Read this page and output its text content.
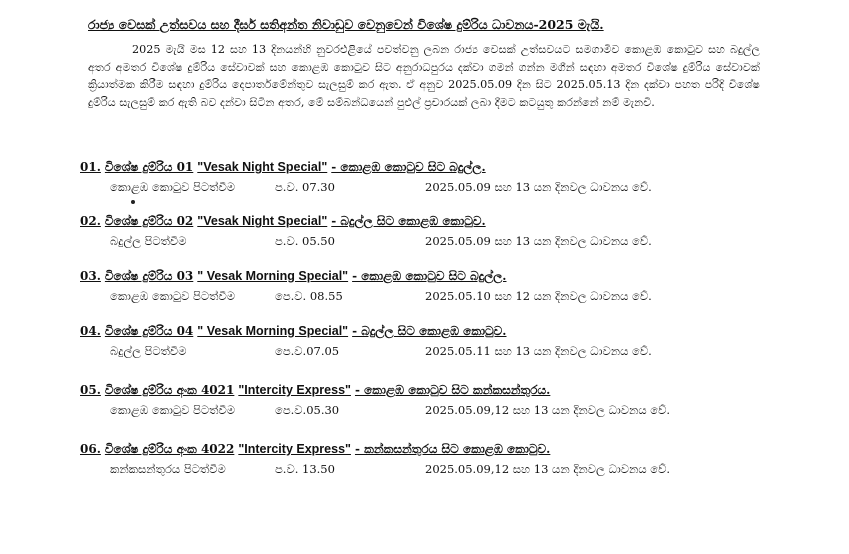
රාජ්‍ය වෙසක් උත්සවය සහ දීර්ඝ සතිඅන්ත නිවාඩුව වෙනුවෙන් විශේෂ දුම්රිය ධාවනය-2025 මැයි.
2025 මැයි මස 12 සහ 13 දිනයන්හි නුවරඑළියේ පවත්වනු ලබන රාජ්‍ය වෙසක් උත්සවයට සමගාමීව කොළඹ කොටුව සහ බදුල්ල අතර අමතර විශේෂ දුම්රිය සේවාවක් සහ කොළඹ කොටුව සිට අනුරාධපුරය දක්වා ගමන් ගන්න මගීන් සඳහා අමතර විශේෂ දුම්රිය සේවාවක් ක්‍රියාත්මක කිරීම සඳහා දුම්රිය දෙපාර්තමේන්තුව සැලසුම් කර ඇත. ඒ අනුව 2025.05.09 දින සිට 2025.05.13 දින දක්වා පහත පරිදි විශේෂ දුම්රිය සැලසුම් කර ඇති බව දන්වා සිටින අතර, මේ සම්බන්ධයෙන් පුළුල් ප්‍රචාරයක් ලබා දීමට කටයුතු කරන්නේ නම් මැනවි.
01. විශේෂ දුම්රිය 01 "Vesak Night Special" - කොළඹ කොටුව සිට බදුල්ල.
කොළඹ කොටුව පිටත්වීම	ප.ව. 07.30	2025.05.09 සහ 13 යන දිනවල ධාවනය වේ.
02. විශේෂ දුම්රිය 02 "Vesak Night Special" - බදුල්ල සිට කොළඹ කොටුව.
බදුල්ල පිටත්වීම	ප.ව. 05.50	2025.05.09 සහ 13 යන දිනවල ධාවනය වේ.
03. විශේෂ දුම්රිය 03 " Vesak Morning Special" - කොළඹ කොටුව සිට බදුල්ල.
කොළඹ කොටුව පිටත්වීම	පෙ.ව. 08.55	2025.05.10 සහ 12 යන දිනවල ධාවනය වේ.
04. විශේෂ දුම්රිය 04 " Vesak Morning Special" - බදුල්ල සිට කොළඹ කොටුව.
බදුල්ල පිටත්වීම	පෙ.ව.07.05	2025.05.11 සහ 13 යන දිනවල ධාවනය වේ.
05. විශේෂ දුම්රිය අංක 4021 "Intercity Express" - කොළඹ කොටුව සිට කන්කසන්තුරය.
කොළඹ කොටුව පිටත්වීම	පෙ.ව.05.30	2025.05.09,12 සහ 13 යන දිනවල ධාවනය වේ.
06. විශේෂ දුම්රිය අංක 4022 "Intercity Express" - කන්කසන්තුරය සිට කොළඹ කොටුව.
කන්කසන්තුරය පිටත්වීම	ප.ව. 13.50	2025.05.09,12 සහ 13 යන දිනවල ධාවනය වේ.
